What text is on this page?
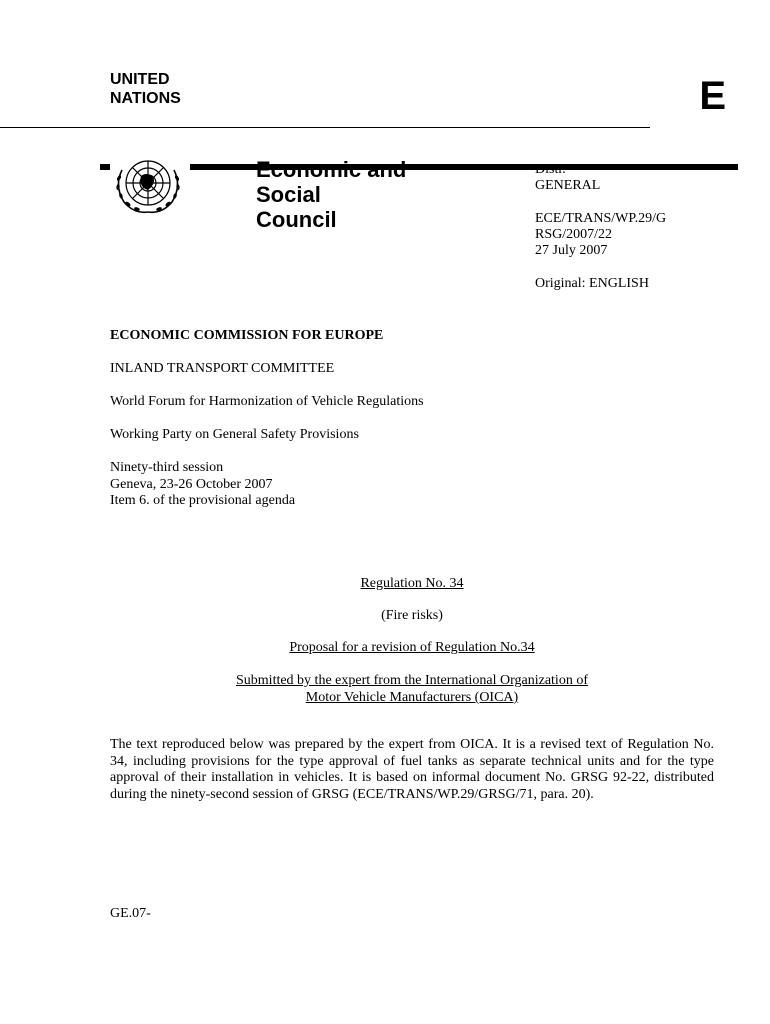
UNITED
NATIONS	E
Economic and
Social
Council
Distr.
GENERAL
ECE/TRANS/WP.29/G
RSG/2007/22
27 July 2007
Original: ENGLISH
ECONOMIC COMMISSION FOR EUROPE
INLAND TRANSPORT COMMITTEE
World Forum for Harmonization of Vehicle Regulations
Working Party on General Safety Provisions
Ninety-third session
Geneva, 23-26 October 2007
Item 6. of the provisional agenda
Regulation No. 34
(Fire risks)
Proposal for a revision of Regulation No.34
Submitted by the expert from the International Organization of
Motor Vehicle Manufacturers (OICA)
The text reproduced below was prepared by the expert from OICA. It is a revised text of Regulation No. 34, including provisions for the type approval of fuel tanks as separate technical units and for the type approval of their installation in vehicles. It is based on informal document No. GRSG 92-22, distributed during the ninety-second session of GRSG (ECE/TRANS/WP.29/GRSG/71, para. 20).
GE.07-
